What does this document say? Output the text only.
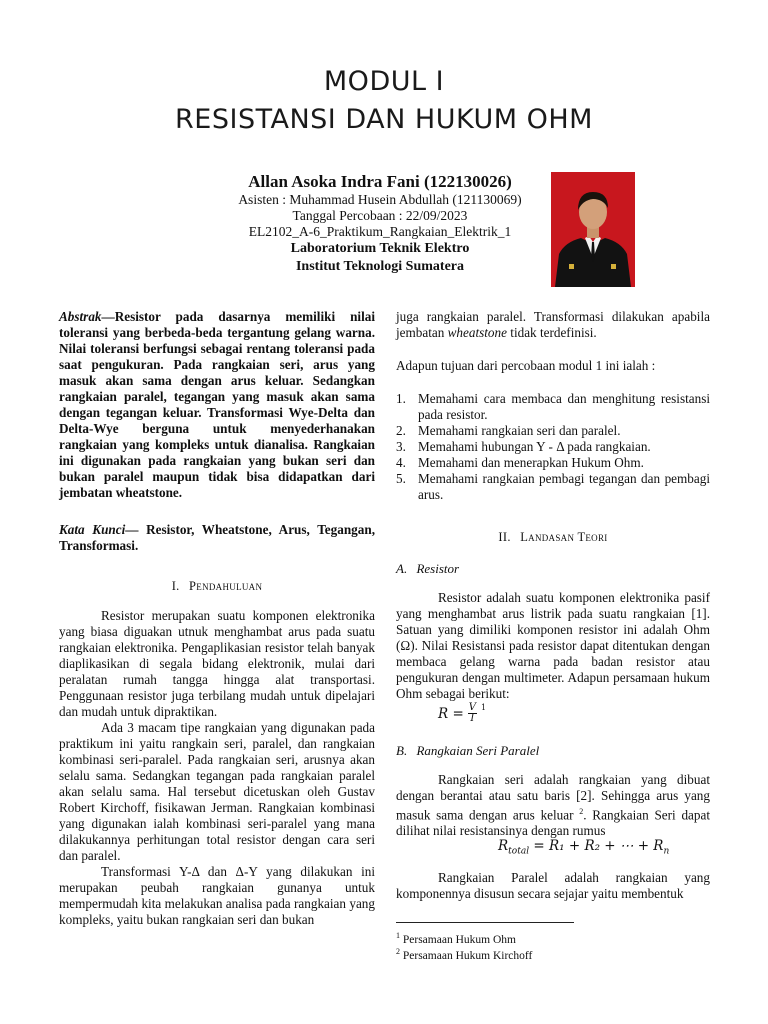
MODUL I
RESISTANSI DAN HUKUM OHM
Allan Asoka Indra Fani (122130026)
Asisten : Muhammad Husein Abdullah (121130069)
Tanggal Percobaan : 22/09/2023
EL2102_A-6_Praktikum_Rangkaian_Elektrik_1
Laboratorium Teknik Elektro
Institut Teknologi Sumatera
Abstrak—Resistor pada dasarnya memiliki nilai toleransi yang berbeda-beda tergantung gelang warna. Nilai toleransi berfungsi sebagai rentang toleransi pada saat pengukuran. Pada rangkaian seri, arus yang masuk akan sama dengan arus keluar. Sedangkan rangkaian paralel, tegangan yang masuk akan sama dengan tegangan keluar. Transformasi Wye-Delta dan Delta-Wye berguna untuk menyederhanakan rangkaian yang kompleks untuk dianalisa. Rangkaian ini digunakan pada rangkaian yang bukan seri dan bukan paralel maupun tidak bisa didapatkan dari jembatan wheatstone.
Kata Kunci— Resistor, Wheatstone, Arus, Tegangan, Transformasi.
I. Pendahuluan

Resistor merupakan suatu komponen elektronika yang biasa diguakan utnuk menghambat arus pada suatu rangkaian elektronika. Pengaplikasian resistor telah banyak diaplikasikan di segala bidang elektronik, mulai dari peralatan rumah tangga hingga alat transportasi. Penggunaan resistor juga terbilang mudah untuk dipelajari dan mudah untuk dipraktikan.

Ada 3 macam tipe rangkaian yang digunakan pada praktikum ini yaitu rangkain seri, paralel, dan rangkaian kombinasi seri-paralel. Pada rangkaian seri, arusnya akan selalu sama. Sedangkan tegangan pada rangkaian paralel akan selalu sama. Hal tersebut dicetuskan oleh Gustav Robert Kirchoff, fisikawan Jerman. Rangkaian kombinasi yang digunakan ialah kombinasi seri-paralel yang mana dilakukannya perhitungan total resistor dengan cara seri dan paralel.

Transformasi Y-Δ dan Δ-Y yang dilakukan ini merupakan peubah rangkaian gunanya untuk mempermudah kita melakukan analisa pada rangkaian yang kompleks, yaitu bukan rangkaian seri dan bukan

juga rangkaian paralel. Transformasi dilakukan apabila jembatan wheatstone tidak terdefinisi.

Adapun tujuan dari percobaan modul 1 ini ialah :
1. Memahami cara membaca dan menghitung resistansi pada resistor.
2. Memahami rangkaian seri dan paralel.
3. Memahami hubungan Y - Δ pada rangkaian.
4. Memahami dan menerapkan Hukum Ohm.
5. Memahami rangkaian pembagi tegangan dan pembagi arus.
II. Landasan Teori
A. Resistor

Resistor adalah suatu komponen elektronika pasif yang menghambat arus listrik pada suatu rangkaian [1]. Satuan yang dimiliki komponen resistor ini adalah Ohm (Ω). Nilai Resistansi pada resistor dapat ditentukan dengan membaca gelang warna pada badan resistor atau pengukuran dengan multimeter. Adapun persamaan hukum Ohm sebagai berikut:

$R = \frac{V}{I} ^1$
B. Rangkaian Seri Paralel

Rangkaian seri adalah rangkaian yang dibuat dengan berantai atau satu baris [2]. Sehingga arus yang masuk sama dengan arus keluar $^2$. Rangkaian Seri dapat dilihat nilai resistansinya dengan rumus

$R_{total} = R_1 + R_2$ + ⋯ + $R_n$

Rangkaian Paralel adalah rangkaian yang komponennya disusun secara sejajar yaitu membentuk

$^1$ Persamaan Hukum Ohm
$^2$ Persamaan Hukum Kirchoff
